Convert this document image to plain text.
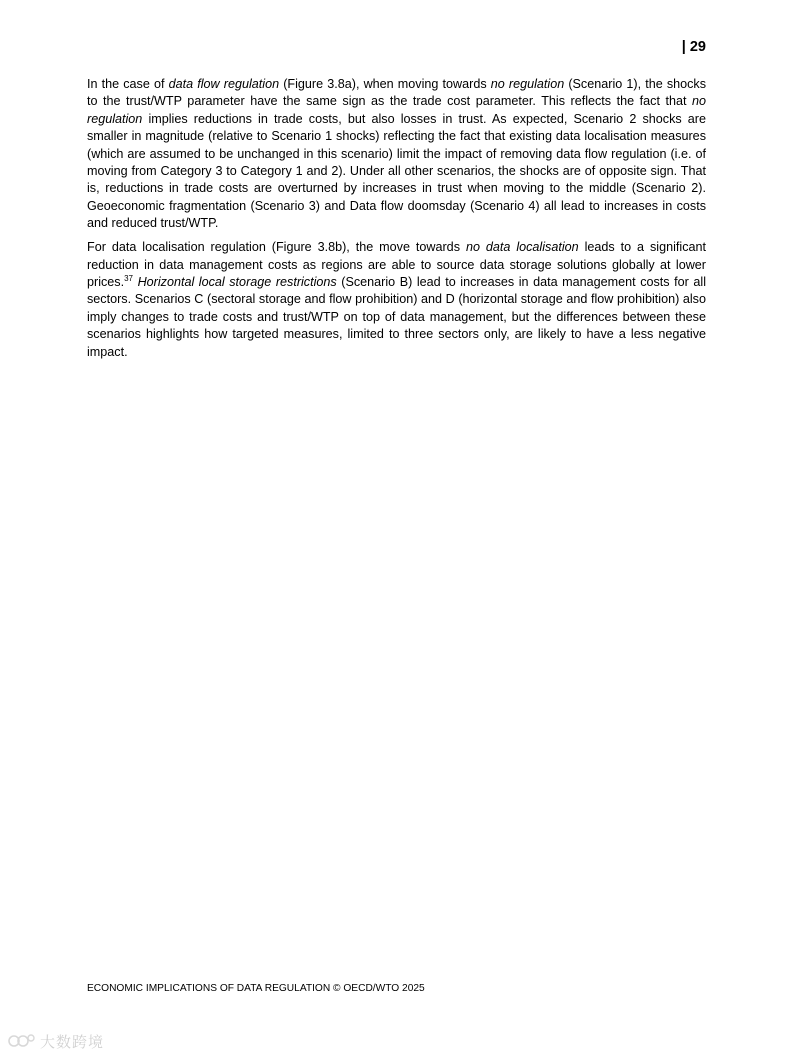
| 29

In the case of data flow regulation (Figure 3.8a), when moving towards no regulation (Scenario 1), the shocks to the trust/WTP parameter have the same sign as the trade cost parameter. This reflects the fact that no regulation implies reductions in trade costs, but also losses in trust. As expected, Scenario 2 shocks are smaller in magnitude (relative to Scenario 1 shocks) reflecting the fact that existing data localisation measures (which are assumed to be unchanged in this scenario) limit the impact of removing data flow regulation (i.e. of moving from Category 3 to Category 1 and 2). Under all other scenarios, the shocks are of opposite sign. That is, reductions in trade costs are overturned by increases in trust when moving to the middle (Scenario 2). Geoeconomic fragmentation (Scenario 3) and Data flow doomsday (Scenario 4) all lead to increases in costs and reduced trust/WTP.

For data localisation regulation (Figure 3.8b), the move towards no data localisation leads to a significant reduction in data management costs as regions are able to source data storage solutions globally at lower prices.$^{37}$ Horizontal local storage restrictions (Scenario B) lead to increases in data management costs for all sectors. Scenarios C (sectoral storage and flow prohibition) and D (horizontal storage and flow prohibition) also imply changes to trade costs and trust/WTP on top of data management, but the differences between these scenarios highlights how targeted measures, limited to three sectors only, are likely to have a less negative impact.

ECONOMIC IMPLICATIONS OF DATA REGULATION © OECD/WTO 2025
大数跨境
